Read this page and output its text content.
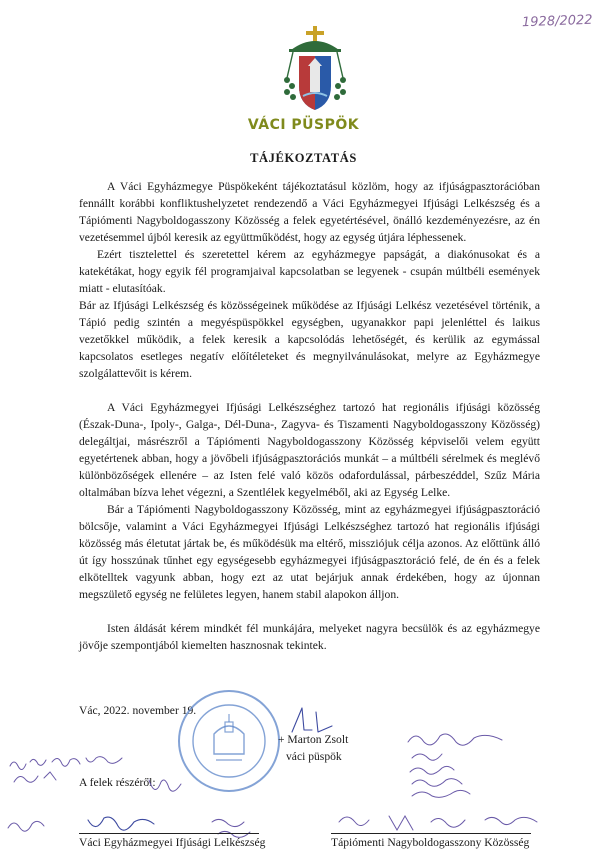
1928/2022
VÁCI PÜSPÖK
TÁJÉKOZTATÁS

A Váci Egyházmegye Püspökeként tájékoztatásul közlöm, hogy az ifjúságpasztorációban fennállt korábbi konfliktushelyzetet rendezendő a Váci Egyházmegyei Ifjúsági Lelkészség és a Tápiómenti Nagyboldogasszony Közösség a felek egyetértésével, önálló kezdeményezésre, az én vezetésemmel újból keresik az együttműködést, hogy az egység útjára léphessenek.

Ezért tisztelettel és szeretettel kérem az egyházmegye papságát, a diakónusokat és a katekétákat, hogy egyik fél programjaival kapcsolatban se legyenek - csupán múltbéli események miatt - elutasítóak.

Bár az Ifjúsági Lelkészség és közösségeinek működése az Ifjúsági Lelkész vezetésével történik, a Tápió pedig szintén a megyéspüspökkel egységben, ugyanakkor papi jelenléttel és laikus vezetőkkel működik, a felek keresik a kapcsolódás lehetőségét, és kerülik az egymással kapcsolatos esetleges negatív előítéleteket és megnyilvánulásokat, melyre az Egyházmegye szolgálattevőit is kérem.

A Váci Egyházmegyei Ifjúsági Lelkészséghez tartozó hat regionális ifjúsági közösség (Észak-Duna-, Ipoly-, Galga-, Dél-Duna-, Zagyva- és Tiszamenti Nagyboldogasszony Közösség) delegáltjai, másrészről a Tápiómenti Nagyboldogasszony Közösség képviselői velem együtt egyetértenek abban, hogy a jövőbeli ifjúságpasztorációs munkát – a múltbéli sérelmek és meglévő különbözőségek ellenére – az Isten felé való közös odafordulással, párbeszéddel, Szűz Mária oltalmában bízva lehet végezni, a Szentlélek kegyelméből, aki az Egység Lelke.

Bár a Tápiómenti Nagyboldogasszony Közösség, mint az egyházmegyei ifjúságpasztoráció bölcsője, valamint a Váci Egyházmegyei Ifjúsági Lelkészséghez tartozó hat regionális ifjúsági közösség más életutat jártak be, és működésük ma eltérő, missziójuk célja azonos. Az előttünk álló út így hosszúnak tűnhet egy egységesebb egyházmegyei ifjúságpasztoráció felé, de én és a felek elkötelltek vagyunk abban, hogy ezt az utat bejárjuk annak érdekében, hogy az újonnan megszülető egység ne felületes legyen, hanem stabil alapokon álljon.

Isten áldását kérem mindkét fél munkájára, melyeket nagyra becsülök és az egyházmegye jövője szempontjából kiemelten hasznosnak tekintek.

Vác, 2022. november 19.
+ Marton Zsolt
váci püspök
A felek részéről:
Váci Egyházmegyei Ifjúsági Lelkészség	Tápiómenti Nagyboldogasszony Közösség
